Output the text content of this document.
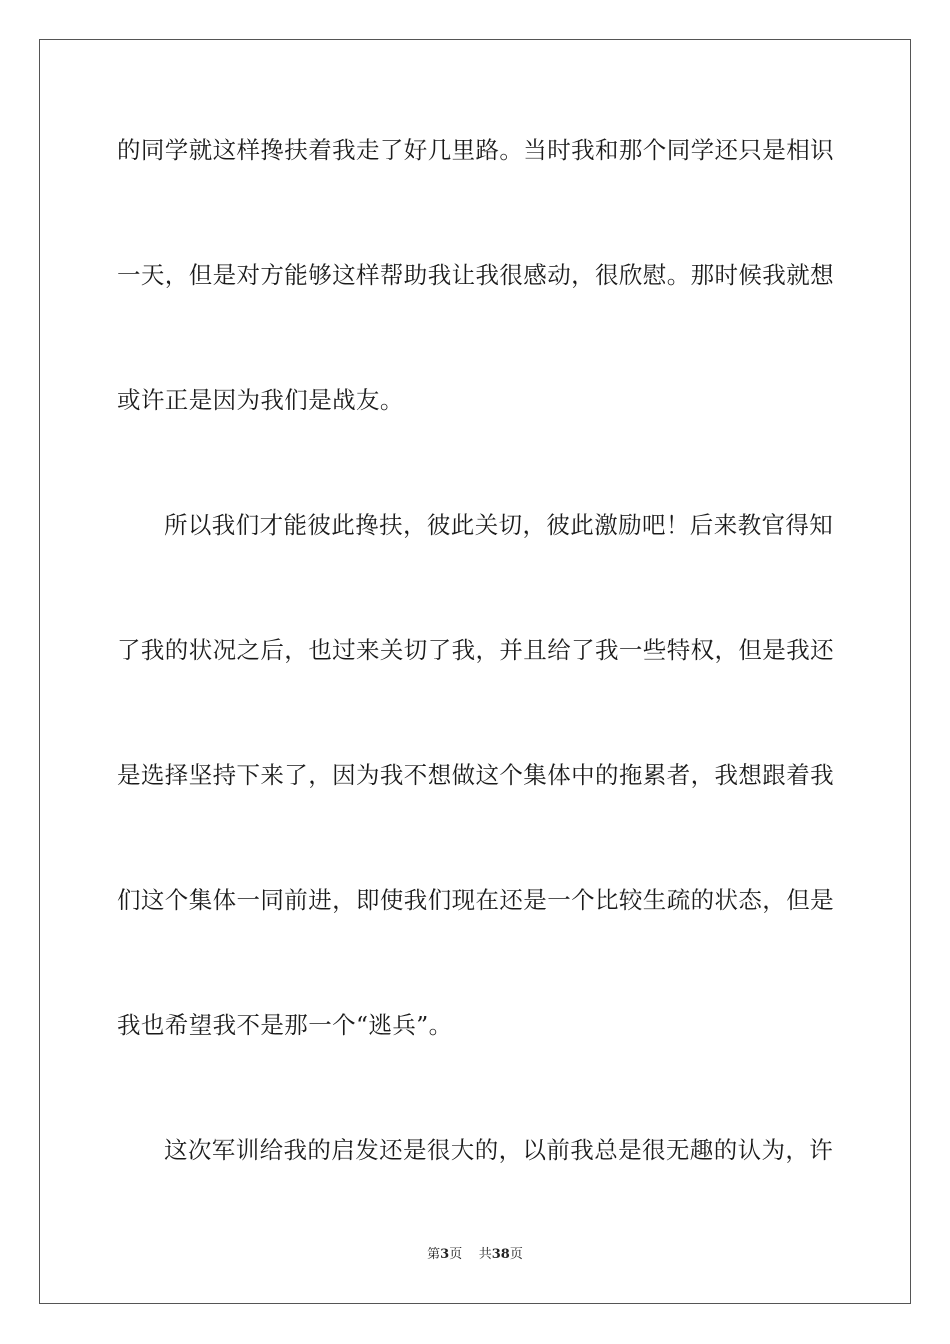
的同学就这样搀扶着我走了好几里路。当时我和那个同学还只是相识
一天，但是对方能够这样帮助我让我很感动，很欣慰。那时候我就想
或许正是因为我们是战友。
所以我们才能彼此搀扶，彼此关切，彼此激励吧！后来教官得知
了我的状况之后，也过来关切了我，并且给了我一些特权，但是我还
是选择坚持下来了，因为我不想做这个集体中的拖累者，我想跟着我
们这个集体一同前进，即使我们现在还是一个比较生疏的状态，但是
我也希望我不是那一个“逃兵”。
这次军训给我的启发还是很大的，以前我总是很无趣的认为，许
第3页 共38页
